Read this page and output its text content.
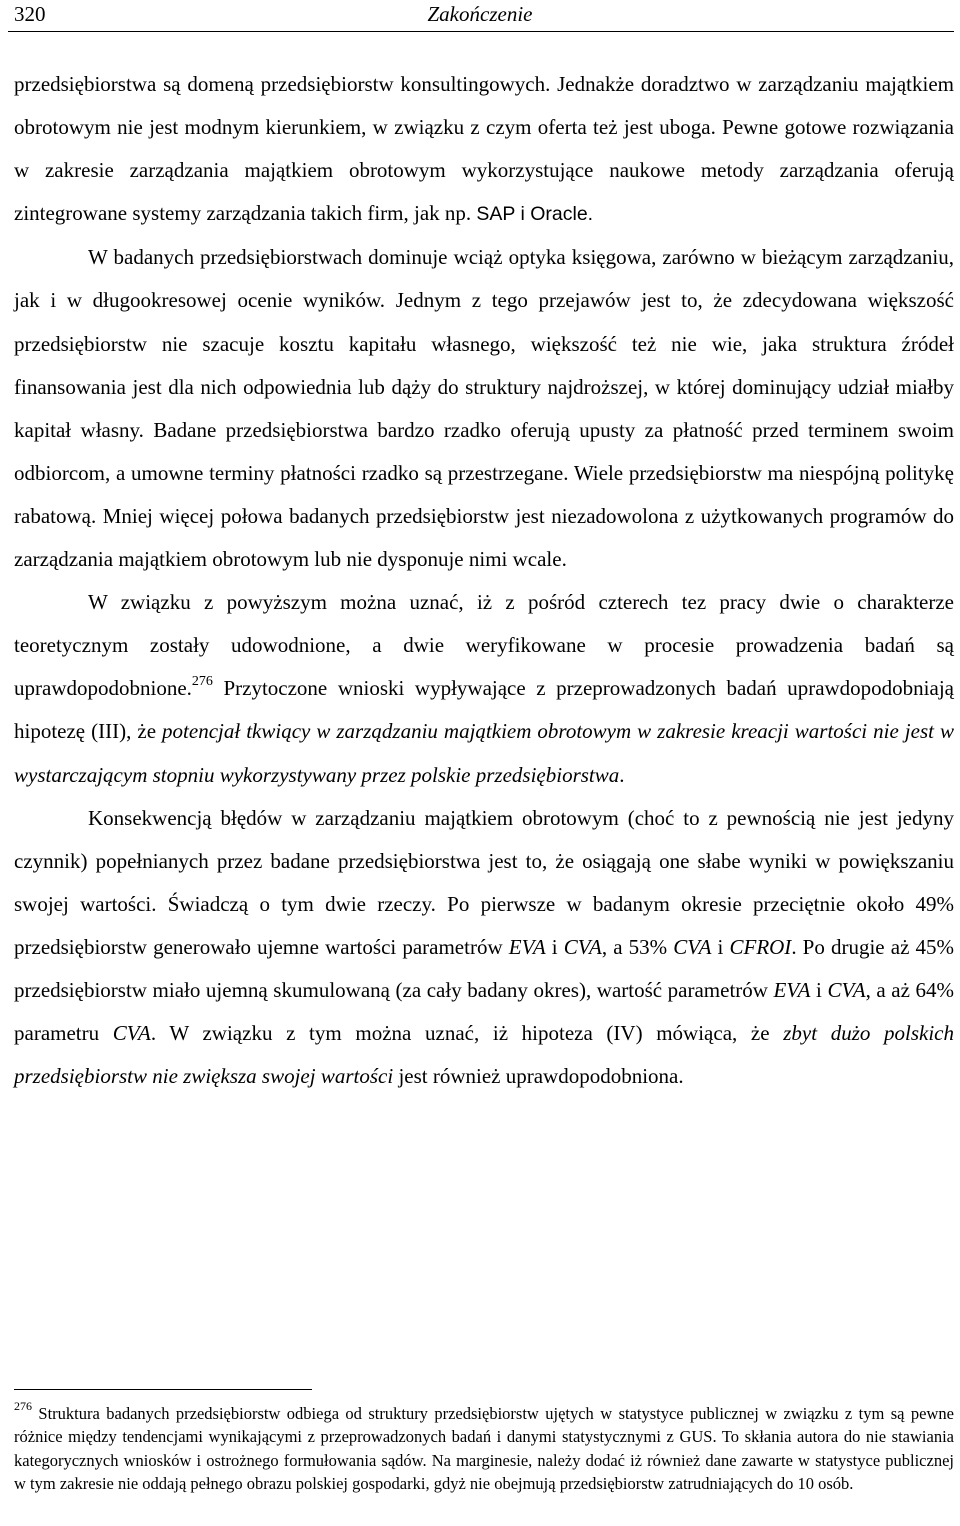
320	Zakończenie

przedsiębiorstwa są domeną przedsiębiorstw konsultingowych. Jednakże doradztwo w zarządzaniu majątkiem obrotowym nie jest modnym kierunkiem, w związku z czym oferta też jest uboga. Pewne gotowe rozwiązania w zakresie zarządzania majątkiem obrotowym wykorzystujące naukowe metody zarządzania oferują zintegrowane systemy zarządzania takich firm, jak np. SAP i Oracle.

W badanych przedsiębiorstwach dominuje wciąż optyka księgowa, zarówno w bieżącym zarządzaniu, jak i w długookresowej ocenie wyników. Jednym z tego przejawów jest to, że zdecydowana większość przedsiębiorstw nie szacuje kosztu kapitału własnego, większość też nie wie, jaka struktura źródeł finansowania jest dla nich odpowiednia lub dąży do struktury najdroższej, w której dominujący udział miałby kapitał własny. Badane przedsiębiorstwa bardzo rzadko oferują upusty za płatność przed terminem swoim odbiorcom, a umowne terminy płatności rzadko są przestrzegane. Wiele przedsiębiorstw ma niespójną politykę rabatową. Mniej więcej połowa badanych przedsiębiorstw jest niezadowolona z użytkowanych programów do zarządzania majątkiem obrotowym lub nie dysponuje nimi wcale.

W związku z powyższym można uznać, iż z pośród czterech tez pracy dwie o charakterze teoretycznym zostały udowodnione, a dwie weryfikowane w procesie prowadzenia badań są uprawdopodobnione.$^{276}$ Przytoczone wnioski wypływające z przeprowadzonych badań uprawdopodobniają hipotezę (III), że potencjał tkwiący w zarządzaniu majątkiem obrotowym w zakresie kreacji wartości nie jest w wystarczającym stopniu wykorzystywany przez polskie przedsiębiorstwa.

Konsekwencją błędów w zarządzaniu majątkiem obrotowym (choć to z pewnością nie jest jedyny czynnik) popełnianych przez badane przedsiębiorstwa jest to, że osiągają one słabe wyniki w powiększaniu swojej wartości. Świadczą o tym dwie rzeczy. Po pierwsze w badanym okresie przeciętnie około 49% przedsiębiorstw generowało ujemne wartości parametrów EVA i CVA, a 53% CVA i CFROI. Po drugie aż 45% przedsiębiorstw miało ujemną skumulowaną (za cały badany okres), wartość parametrów EVA i CVA, a aż 64% parametru CVA. W związku z tym można uznać, iż hipoteza (IV) mówiąca, że zbyt dużo polskich przedsiębiorstw nie zwiększa swojej wartości jest również uprawdopodobniona.

$^{276}$ Struktura badanych przedsiębiorstw odbiega od struktury przedsiębiorstw ujętych w statystyce publicznej w związku z tym są pewne różnice między tendencjami wynikającymi z przeprowadzonych badań i danymi statystycznymi z GUS. To skłania autora do nie stawiania kategorycznych wniosków i ostrożnego formułowania sądów. Na marginesie, należy dodać iż również dane zawarte w statystyce publicznej w tym zakresie nie oddają pełnego obrazu polskiej gospodarki, gdyż nie obejmują przedsiębiorstw zatrudniających do 10 osób.
